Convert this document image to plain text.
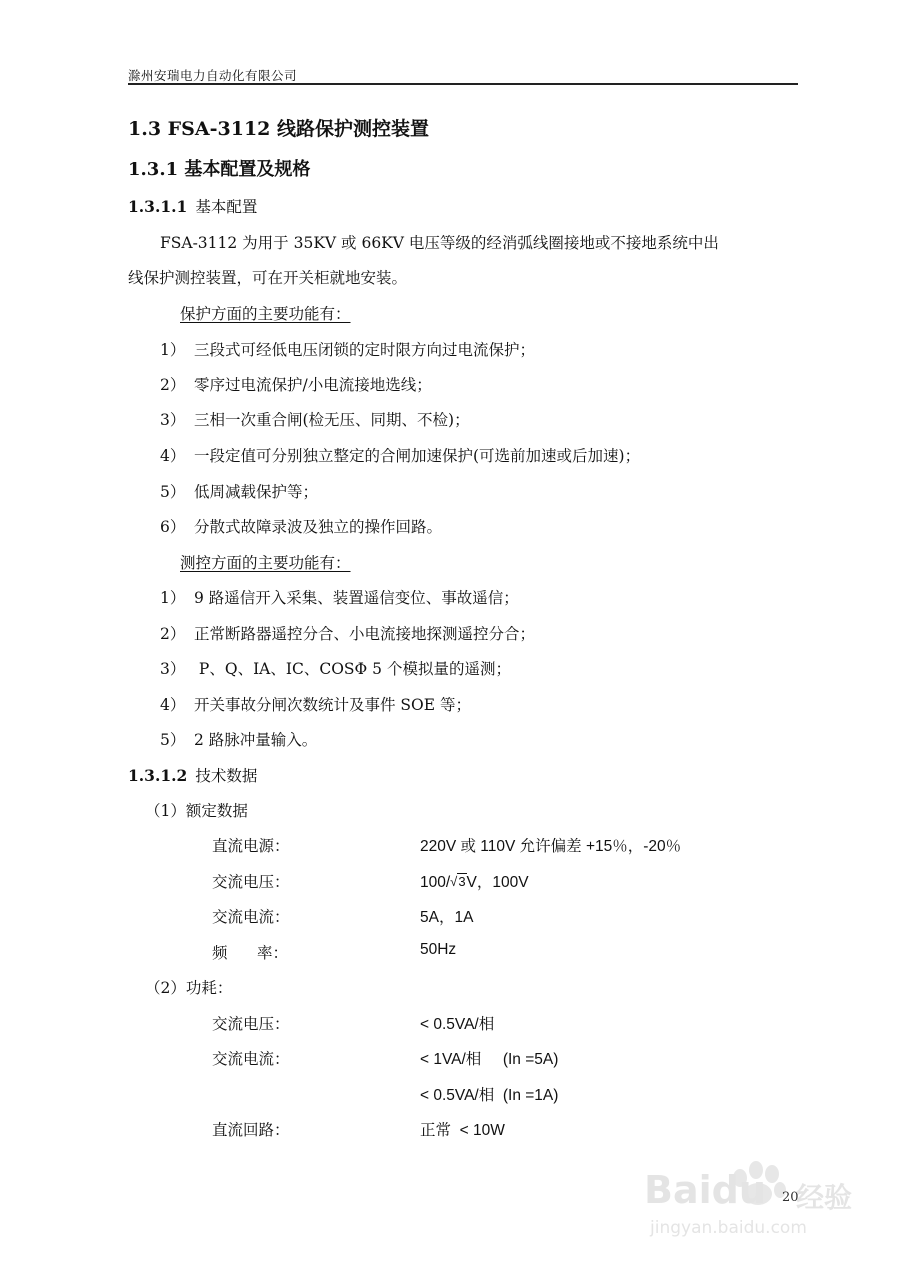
滁州安瑞电力自动化有限公司
1.3 FSA-3112 线路保护测控装置
1.3.1 基本配置及规格
1.3.1.1 基本配置
FSA-3112 为用于 35KV 或 66KV 电压等级的经消弧线圈接地或不接地系统中出
线保护测控装置，可在开关柜就地安装。
保护方面的主要功能有：
1） 三段式可经低电压闭锁的定时限方向过电流保护；
2） 零序过电流保护/小电流接地选线；
3） 三相一次重合闸(检无压、同期、不检)；
4） 一段定值可分别独立整定的合闸加速保护(可选前加速或后加速)；
5） 低周减载保护等；
6） 分散式故障录波及独立的操作回路。
测控方面的主要功能有：
1） 9 路遥信开入采集、装置遥信变位、事故遥信；
2） 正常断路器遥控分合、小电流接地探测遥控分合；
3） P、Q、IA、IC、COSΦ 5 个模拟量的遥测；
4） 开关事故分闸次数统计及事件 SOE 等；
5） 2 路脉冲量输入。
1.3.1.2 技术数据
（1）额定数据
直流电源：	220V 或 110V 允许偏差 +15％，-20％
交流电压：	100/√3V，100V
交流电流：	5A，1A
频      率：	50Hz
（2）功耗：
交流电压：	< 0.5VA/相
交流电流：	< 1VA/相     (In =5A)
< 0.5VA/相  (In =1A)
直流回路：	正常  < 10W
Baidu 经验
jingyan.baidu.com
20
